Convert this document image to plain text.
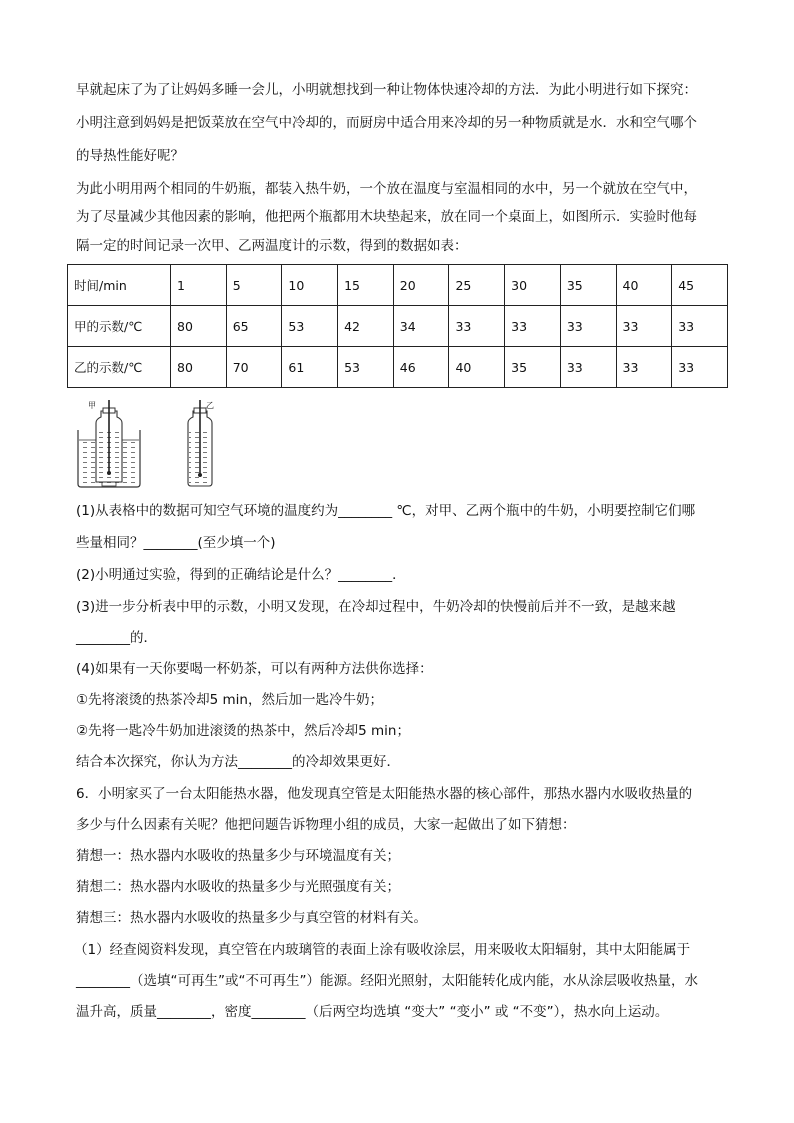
早就起床了为了让妈妈多睡一会儿，小明就想找到一种让物体快速冷却的方法．为此小明进行如下探究：
小明注意到妈妈是把饭菜放在空气中冷却的，而厨房中适合用来冷却的另一种物质就是水．水和空气哪个
的导热性能好呢？
为此小明用两个相同的牛奶瓶，都装入热牛奶，一个放在温度与室温相同的水中，另一个就放在空气中，
为了尽量减少其他因素的影响，他把两个瓶都用木块垫起来，放在同一个桌面上，如图所示．实验时他每
隔一定的时间记录一次甲、乙两温度计的示数，得到的数据如表：
时间/min	1	5	10	15	20	25	30	35	40	45
甲的示数/℃	80	65	53	42	34	33	33	33	33	33
乙的示数/℃	80	70	61	53	46	40	35	33	33	33
甲	乙
(1)从表格中的数据可知空气环境的温度约为________ ℃，对甲、乙两个瓶中的牛奶，小明要控制它们哪
些量相同？________(至少填一个)
(2)小明通过实验，得到的正确结论是什么？________．
(3)进一步分析表中甲的示数，小明又发现，在冷却过程中，牛奶冷却的快慢前后并不一致，是越来越
________的．
(4)如果有一天你要喝一杯奶茶，可以有两种方法供你选择：
①先将滚烫的热茶冷却5 min，然后加一匙冷牛奶；
②先将一匙冷牛奶加进滚烫的热茶中，然后冷却5 min；
结合本次探究，你认为方法________的冷却效果更好．
6．小明家买了一台太阳能热水器，他发现真空管是太阳能热水器的核心部件，那热水器内水吸收热量的
多少与什么因素有关呢？他把问题告诉物理小组的成员，大家一起做出了如下猜想：
猜想一：热水器内水吸收的热量多少与环境温度有关；
猜想二：热水器内水吸收的热量多少与光照强度有关；
猜想三：热水器内水吸收的热量多少与真空管的材料有关。
（1）经查阅资料发现，真空管在内玻璃管的表面上涂有吸收涂层，用来吸收太阳辐射，其中太阳能属于
________（选填“可再生”或“不可再生”）能源。经阳光照射，太阳能转化成内能，水从涂层吸收热量，水
温升高，质量________，密度________（后两空均选填 “变大” “变小” 或 “不变”），热水向上运动。
